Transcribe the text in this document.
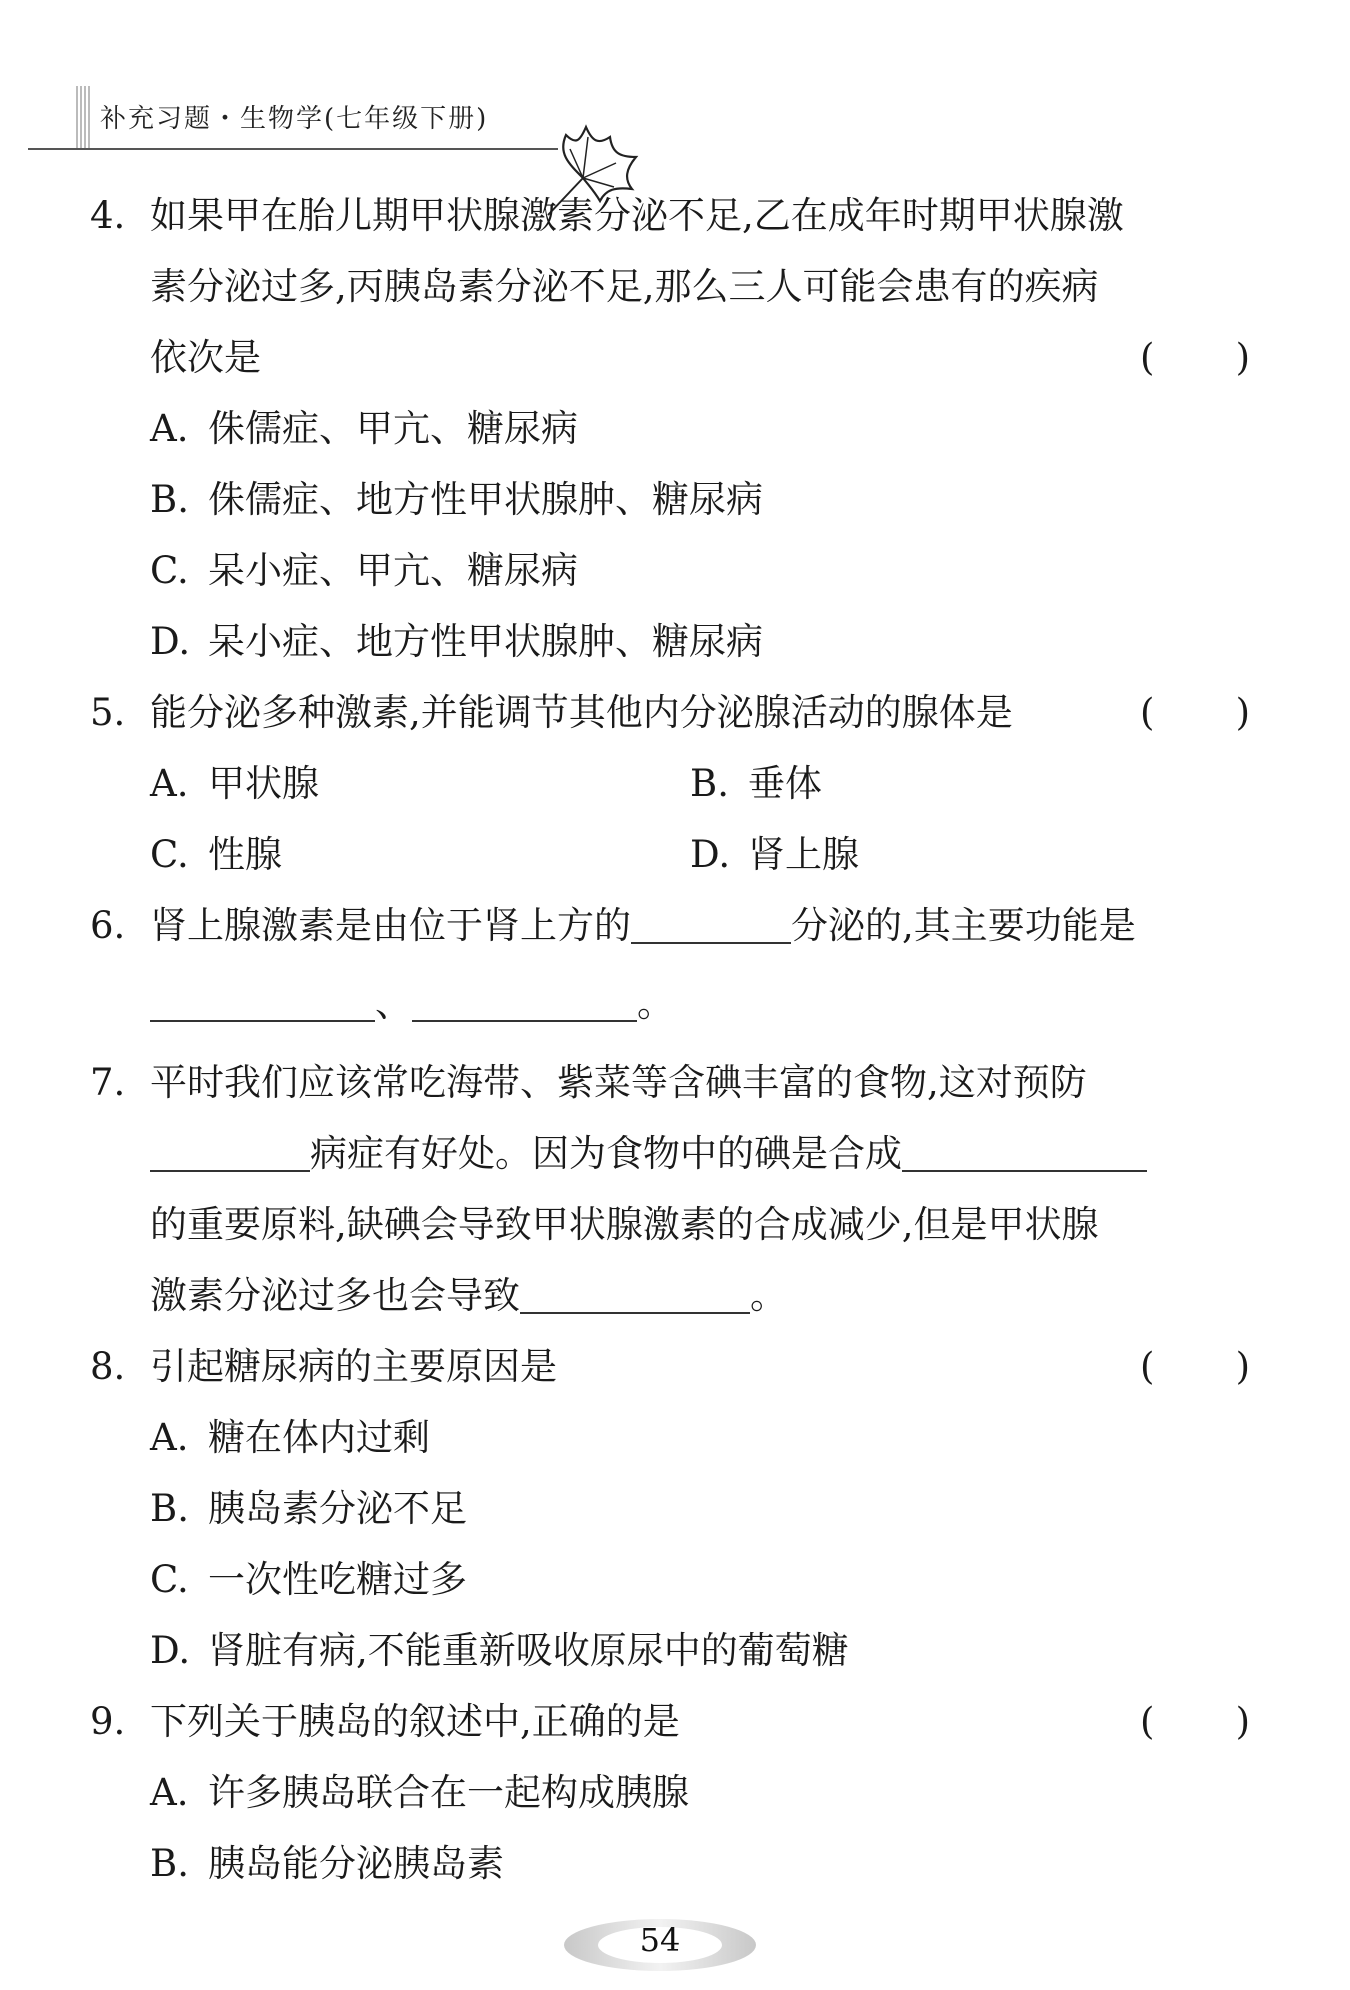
补充习题・生物学(七年级下册)
4. 如果甲在胎儿期甲状腺激素分泌不足,乙在成年时期甲状腺激
素分泌过多,丙胰岛素分泌不足,那么三人可能会患有的疾病
依次是	( )
A. 侏儒症、甲亢、糖尿病
B. 侏儒症、地方性甲状腺肿、糖尿病
C. 呆小症、甲亢、糖尿病
D. 呆小症、地方性甲状腺肿、糖尿病
5. 能分泌多种激素,并能调节其他内分泌腺活动的腺体是	( )
A. 甲状腺	B. 垂体
C. 性腺	D. 肾上腺
6. 肾上腺激素是由位于肾上方的	分泌的,其主要功能是
、	。
7. 平时我们应该常吃海带、紫菜等含碘丰富的食物,这对预防
病症有好处。因为食物中的碘是合成
的重要原料,缺碘会导致甲状腺激素的合成减少,但是甲状腺
激素分泌过多也会导致	。
8. 引起糖尿病的主要原因是	( )
A. 糖在体内过剩
B. 胰岛素分泌不足
C. 一次性吃糖过多
D. 肾脏有病,不能重新吸收原尿中的葡萄糖
9. 下列关于胰岛的叙述中,正确的是	( )
A. 许多胰岛联合在一起构成胰腺
B. 胰岛能分泌胰岛素
54
